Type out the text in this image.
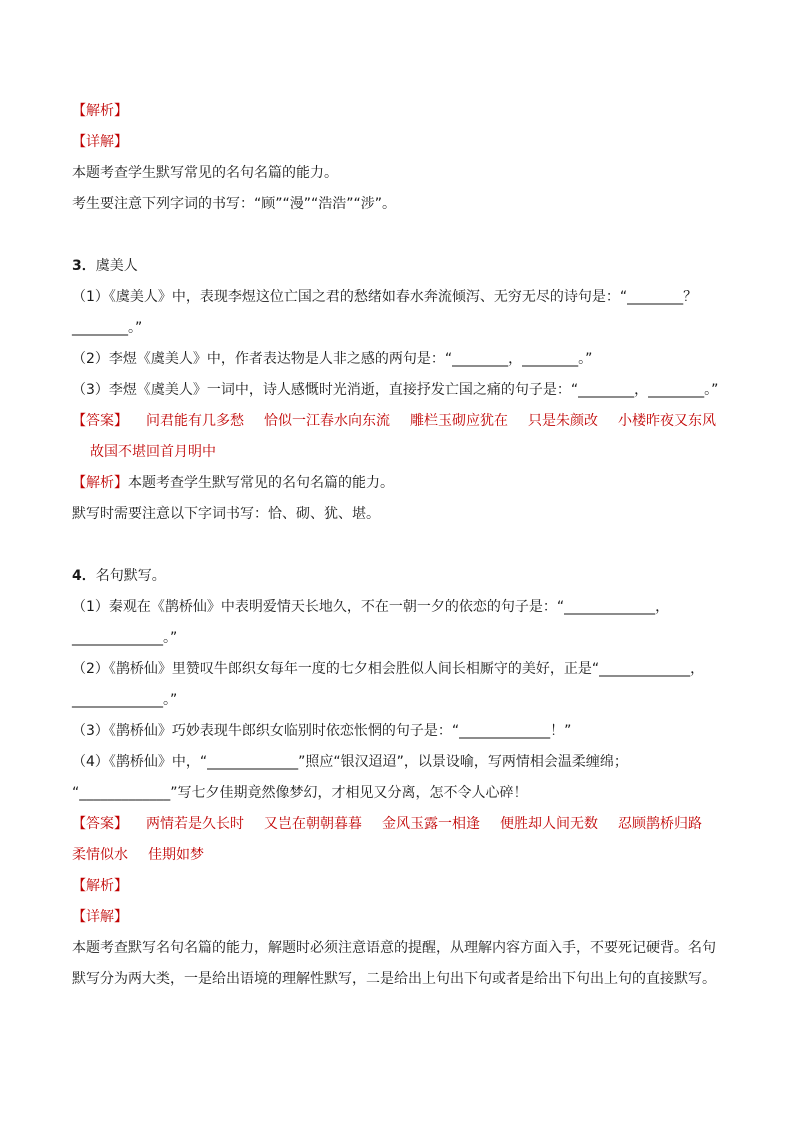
【解析】
【详解】
本题考查学生默写常见的名句名篇的能力。
考生要注意下列字词的书写：“顾”“漫”“浩浩”“涉”。
3．虞美人
（1）《虞美人》中，表现李煜这位亡国之君的愁绪如春水奔流倾泻、无穷无尽的诗句是：“________？
________。”
（2）李煜《虞美人》中，作者表达物是人非之感的两句是：“________，________。”
（3）李煜《虞美人》一词中，诗人感慨时光消逝，直接抒发亡国之痛的句子是：“________，________。”
【答案】 问君能有几多愁 恰似一江春水向东流 雕栏玉砌应犹在 只是朱颜改 小楼昨夜又东风
故国不堪回首月明中
【解析】本题考查学生默写常见的名句名篇的能力。
默写时需要注意以下字词书写：恰、砌、犹、堪。
4．名句默写。
（1）秦观在《鹊桥仙》中表明爱情天长地久，不在一朝一夕的依恋的句子是：“_____________，
_____________。”
（2）《鹊桥仙》里赞叹牛郎织女每年一度的七夕相会胜似人间长相厮守的美好，正是“_____________，
_____________。”
（3）《鹊桥仙》巧妙表现牛郎织女临别时依恋怅惘的句子是：“_____________！”
（4）《鹊桥仙》中，“_____________”照应“银汉迢迢”，以景设喻，写两情相会温柔缠绵；
“_____________”写七夕佳期竟然像梦幻，才相见又分离，怎不令人心碎！
【答案】 两情若是久长时 又岂在朝朝暮暮 金风玉露一相逢 便胜却人间无数 忍顾鹊桥归路
柔情似水 佳期如梦
【解析】
【详解】
本题考查默写名句名篇的能力，解题时必须注意语意的提醒，从理解内容方面入手，不要死记硬背。名句
默写分为两大类，一是给出语境的理解性默写，二是给出上句出下句或者是给出下句出上句的直接默写。
